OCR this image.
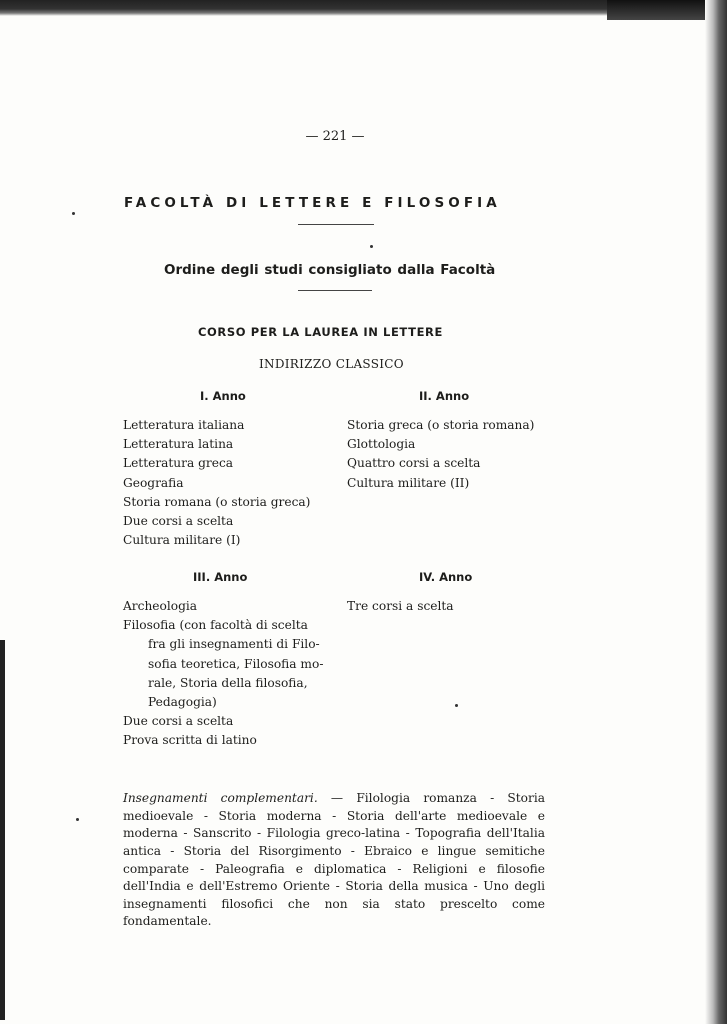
— 221 —
FACOLTÀ DI LETTERE E FILOSOFIA
Ordine degli studi consigliato dalla Facoltà
CORSO PER LA LAUREA IN LETTERE
INDIRIZZO CLASSICO
I. Anno
Letteratura italiana
Letteratura latina
Letteratura greca
Geografia
Storia romana (o storia greca)
Due corsi a scelta
Cultura militare (I)
II. Anno
Storia greca (o storia romana)
Glottologia
Quattro corsi a scelta
Cultura militare (II)
III. Anno
Archeologia
Filosofia (con facoltà di scelta
fra gli insegnamenti di Filo-
sofia teoretica, Filosofia mo-
rale, Storia della filosofia,
Pedagogia)
Due corsi a scelta
Prova scritta di latino
IV. Anno
Tre corsi a scelta

Insegnamenti complementari. — Filologia romanza - Storia medioevale - Storia moderna - Storia dell'arte medioevale e moderna - Sanscrito - Filologia greco-latina - Topografia dell'Italia antica - Storia del Risorgimento - Ebraico e lingue semitiche comparate - Paleografia e diplomatica - Religioni e filosofie dell'India e dell'Estremo Oriente - Storia della musica - Uno degli insegnamenti filosofici che non sia stato prescelto come fondamentale.
